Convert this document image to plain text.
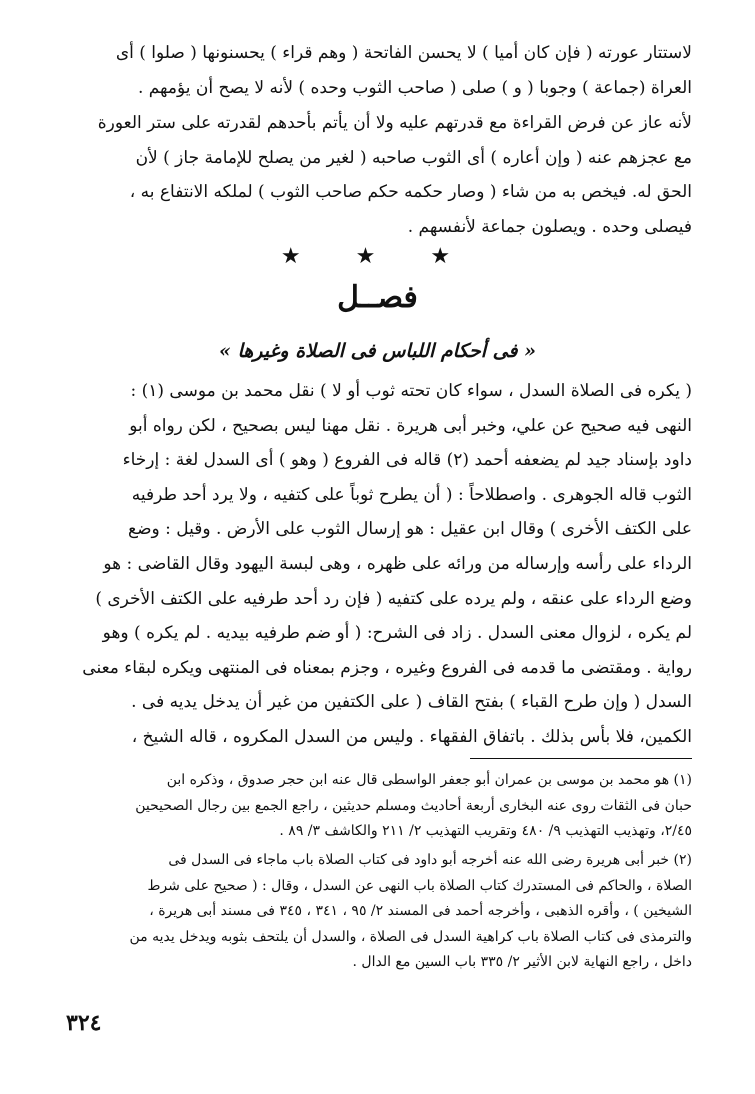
لاستتار عورته ( فإن كان أميا ) لا يحسن الفاتحة ( وهم قراء ) يحسنونها ( صلوا ) أى
العراة (جماعة ) وجوبا ( و ) صلى ( صاحب الثوب وحده ) لأنه لا يصح أن يؤمهم .
لأنه عاز عن فرض القراءة مع قدرتهم عليه ولا أن يأتم بأحدهم لقدرته على ستر العورة
مع عجزهم عنه ( وإن أعاره ) أى الثوب صاحبه ( لغير من يصلح للإمامة جاز ) لأن
الحق له. فيخص به من شاء ( وصار حكمه حكم صاحب الثوب ) لملكه الانتفاع به ،
فيصلى وحده . ويصلون جماعة لأنفسهم .
★ ★ ★
فصــل
« فى أحكام اللباس فى الصلاة وغيرها »
( يكره فى الصلاة السدل ، سواء كان تحته ثوب أو لا ) نقل محمد بن موسى (١) :
النهى فيه صحيح عن علي، وخبر أبى هريرة . نقل مهنا ليس بصحيح ، لكن رواه أبو
داود بإسناد جيد لم يضعفه أحمد (٢) قاله فى الفروع ( وهو ) أى السدل لغة : إرخاء
الثوب قاله الجوهرى . واصطلاحاً : ( أن يطرح ثوباً على كتفيه ، ولا يرد أحد طرفيه
على الكتف الأخرى ) وقال ابن عقيل : هو إرسال الثوب على الأرض . وقيل : وضع
الرداء على رأسه وإرساله من ورائه على ظهره ، وهى لبسة اليهود وقال القاضى : هو
وضع الرداء على عنقه ، ولم يرده على كتفيه ( فإن رد أحد طرفيه على الكتف الأخرى )
لم يكره ، لزوال معنى السدل . زاد فى الشرح: ( أو ضم طرفيه بيديه . لم يكره ) وهو
رواية . ومقتضى ما قدمه فى الفروع وغيره ، وجزم بمعناه فى المنتهى ويكره لبقاء معنى
السدل ( وإن طرح القباء ) بفتح القاف ( على الكتفين من غير أن يدخل يديه فى .
الكمين، فلا بأس بذلك . باتفاق الفقهاء . وليس من السدل المكروه ، قاله الشيخ ،
(١) هو محمد بن موسى بن عمران أبو جعفر الواسطى قال عنه ابن حجر صدوق ، وذكره ابن
حبان فى الثقات روى عنه البخارى أربعة أحاديث ومسلم حديثين ، راجع الجمع بين رجال الصحيحين
٢/٤٥، وتهذيب التهذيب ٩/ ٤٨٠ وتقريب التهذيب ٢/ ٢١١ والكاشف ٣/ ٨٩ .
(٢) خبر أبى هريرة رضى الله عنه أخرجه أبو داود فى كتاب الصلاة باب ماجاء فى السدل فى
الصلاة ، والحاكم فى المستدرك كتاب الصلاة باب النهى عن السدل ، وقال : ( صحيح على شرط
الشيخين ) ، وأقره الذهبى ، وأخرجه أحمد فى المسند ٢/ ٩٥ ، ٣٤١ ، ٣٤٥ فى مسند أبى هريرة ،
والترمذى فى كتاب الصلاة باب كراهية السدل فى الصلاة ، والسدل أن يلتحف بثوبه ويدخل يديه من
داخل ، راجع النهاية لابن الأثير ٢/ ٣٣٥ باب السين مع الدال .
٣٢٤
